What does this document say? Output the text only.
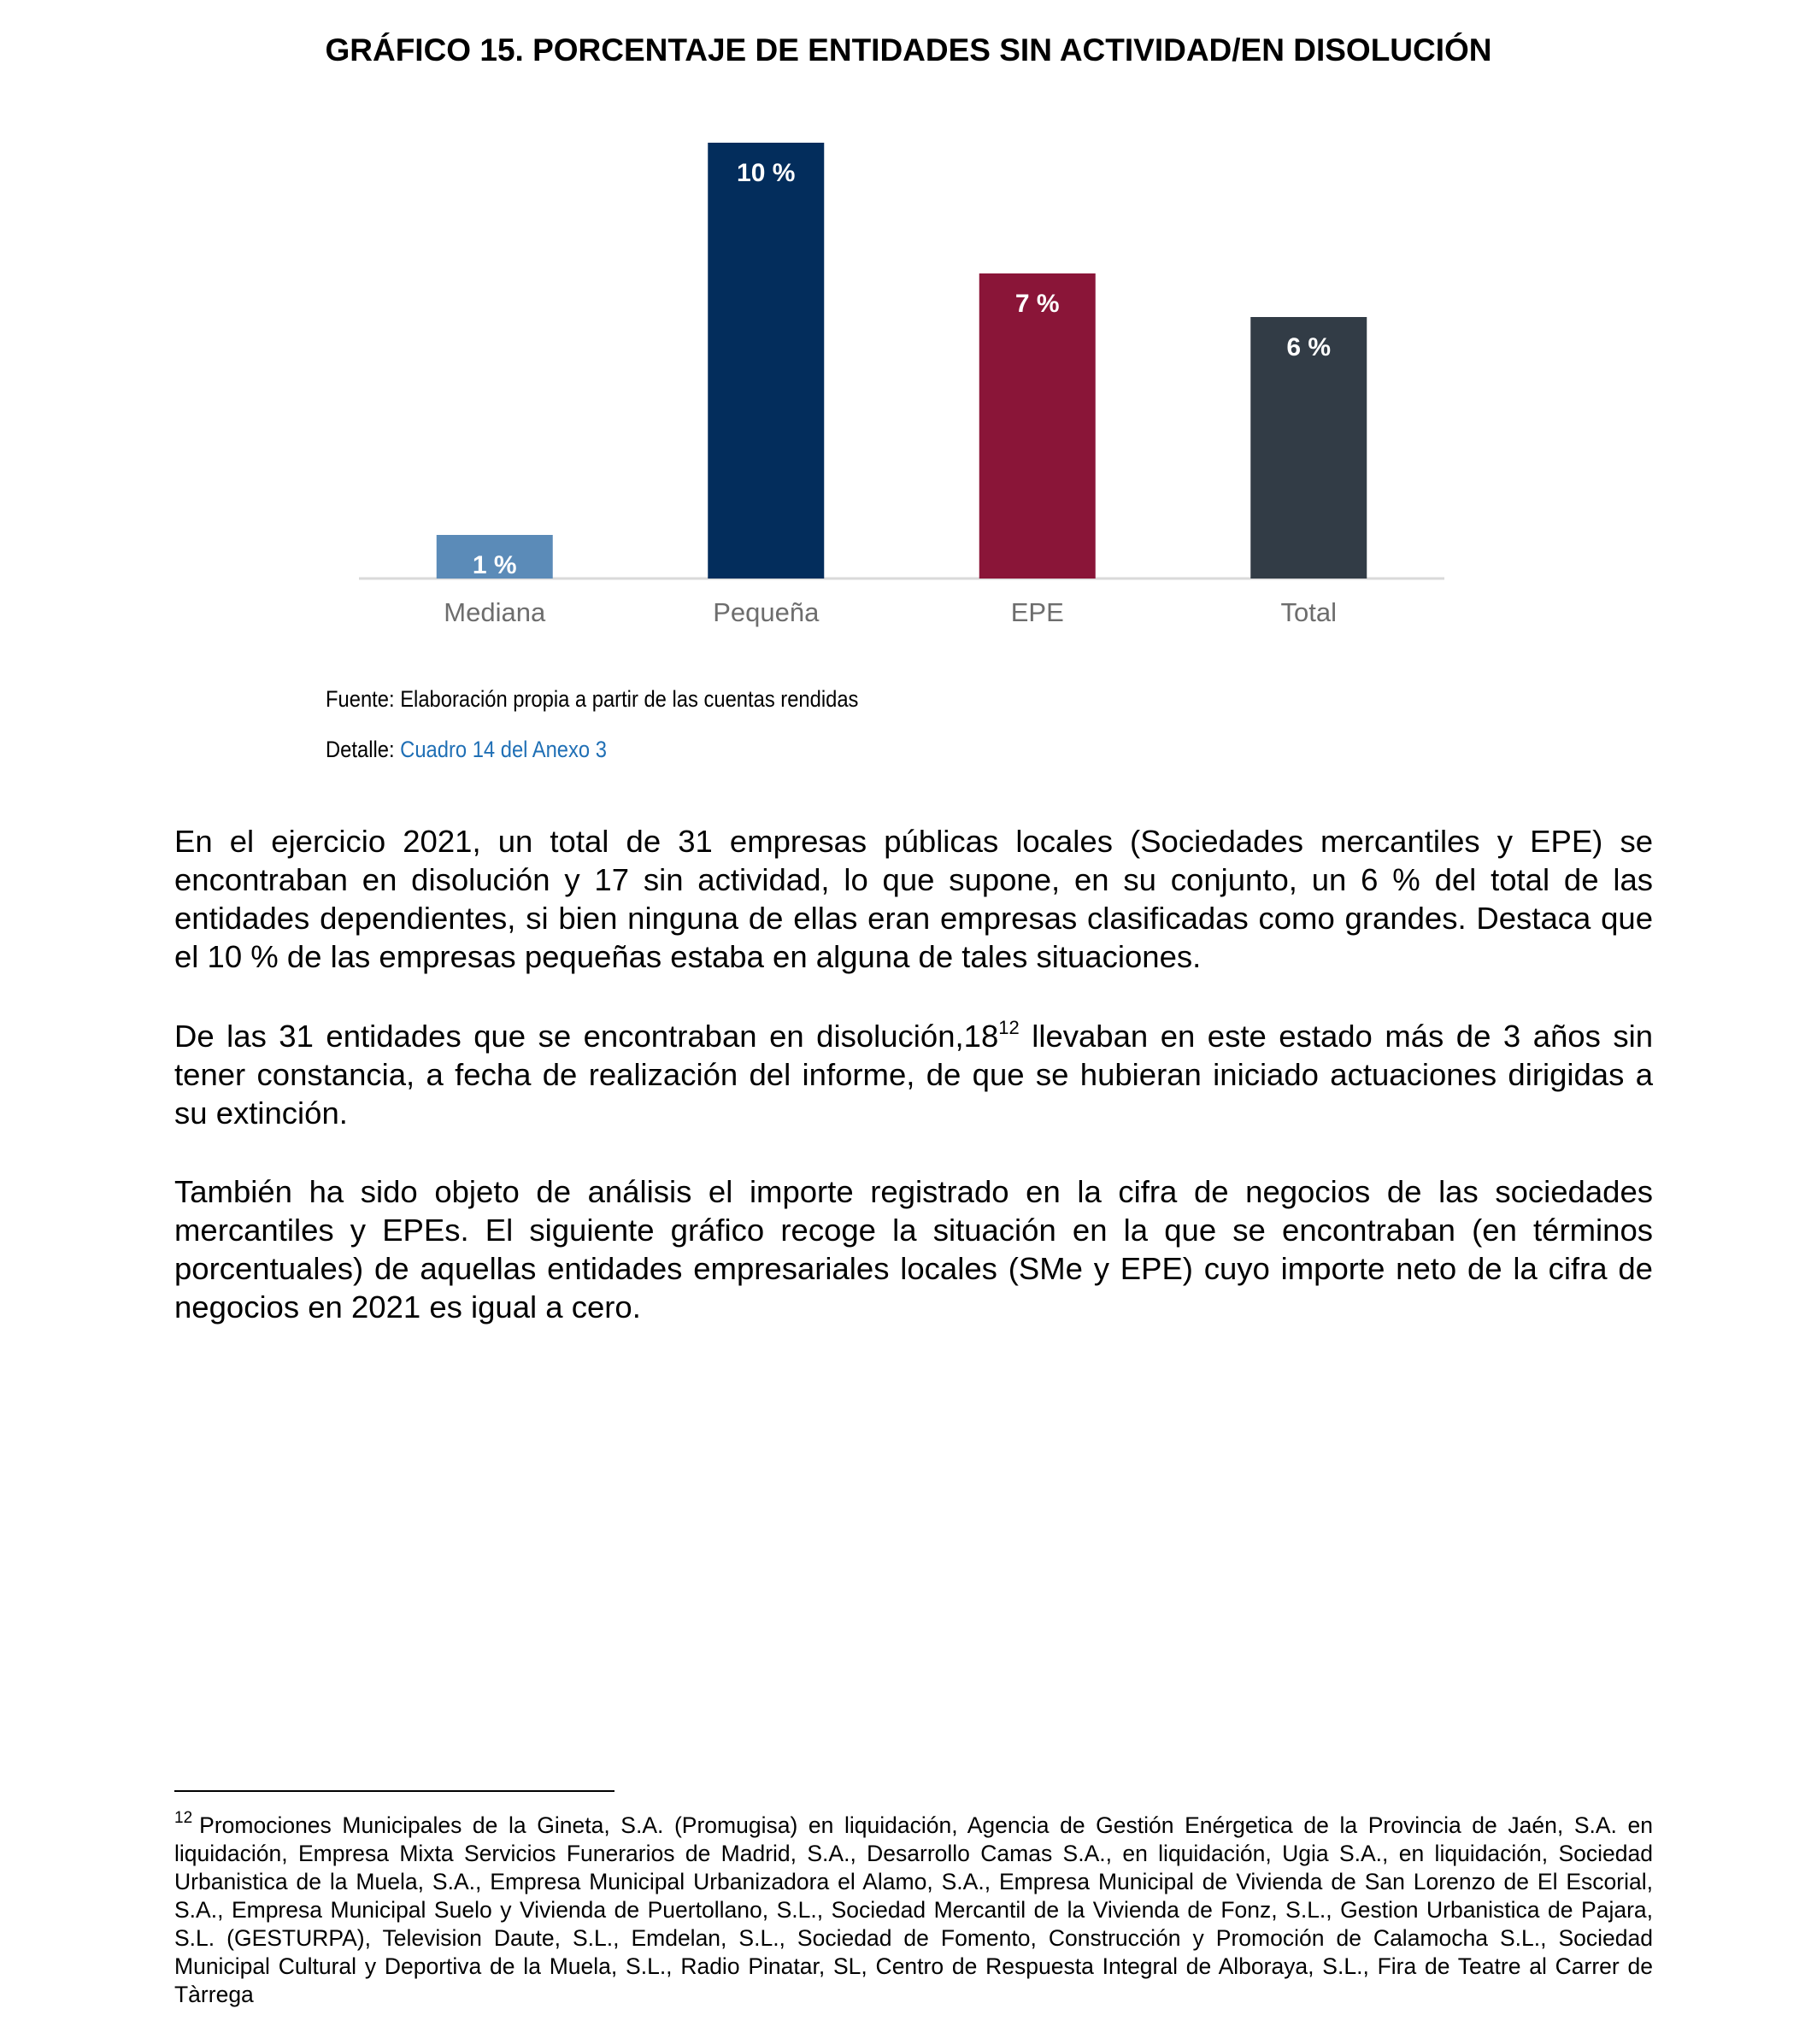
GRÁFICO 15. PORCENTAJE DE ENTIDADES SIN ACTIVIDAD/EN DISOLUCIÓN
1 %
Mediana
10 %
Pequeña
7 %
EPE
6 %
Total
Fuente: Elaboración propia a partir de las cuentas rendidas
Detalle: Cuadro 14 del Anexo 3

En el ejercicio 2021, un total de 31 empresas públicas locales (Sociedades mercantiles y EPE) se encontraban en disolución y 17 sin actividad, lo que supone, en su conjunto, un 6 % del total de las entidades dependientes, si bien ninguna de ellas eran empresas clasificadas como grandes. Destaca que el 10 % de las empresas pequeñas estaba en alguna de tales situaciones.

De las 31 entidades que se encontraban en $disolución,18^{12}$ llevaban en este estado más de 3 años sin tener constancia, a fecha de realización del informe, de que se hubieran iniciado actuaciones dirigidas a su extinción.

También ha sido objeto de análisis el importe registrado en la cifra de negocios de las sociedades mercantiles y EPEs. El siguiente gráfico recoge la situación en la que se encontraban (en términos porcentuales) de aquellas entidades empresariales locales (SMe y EPE) cuyo importe neto de la cifra de negocios en 2021 es igual a cero.

$^{12}$ Promociones Municipales de la Gineta, S.A. (Promugisa) en liquidación, Agencia de Gestión Enérgetica de la Provincia de Jaén, S.A. en liquidación, Empresa Mixta Servicios Funerarios de Madrid, S.A., Desarrollo Camas S.A., en liquidación, Ugia S.A., en liquidación, Sociedad Urbanistica de la Muela, S.A., Empresa Municipal Urbanizadora el Alamo, S.A., Empresa Municipal de Vivienda de San Lorenzo de El Escorial, S.A., Empresa Municipal Suelo y Vivienda de Puertollano, S.L., Sociedad Mercantil de la Vivienda de Fonz, S.L., Gestion Urbanistica de Pajara, S.L. (GESTURPA), Television Daute, S.L., Emdelan, S.L., Sociedad de Fomento, Construcción y Promoción de Calamocha S.L., Sociedad Municipal Cultural y Deportiva de la Muela, S.L., Radio Pinatar, SL, Centro de Respuesta Integral de Alboraya, S.L., Fira de Teatre al Carrer de Tàrrega
